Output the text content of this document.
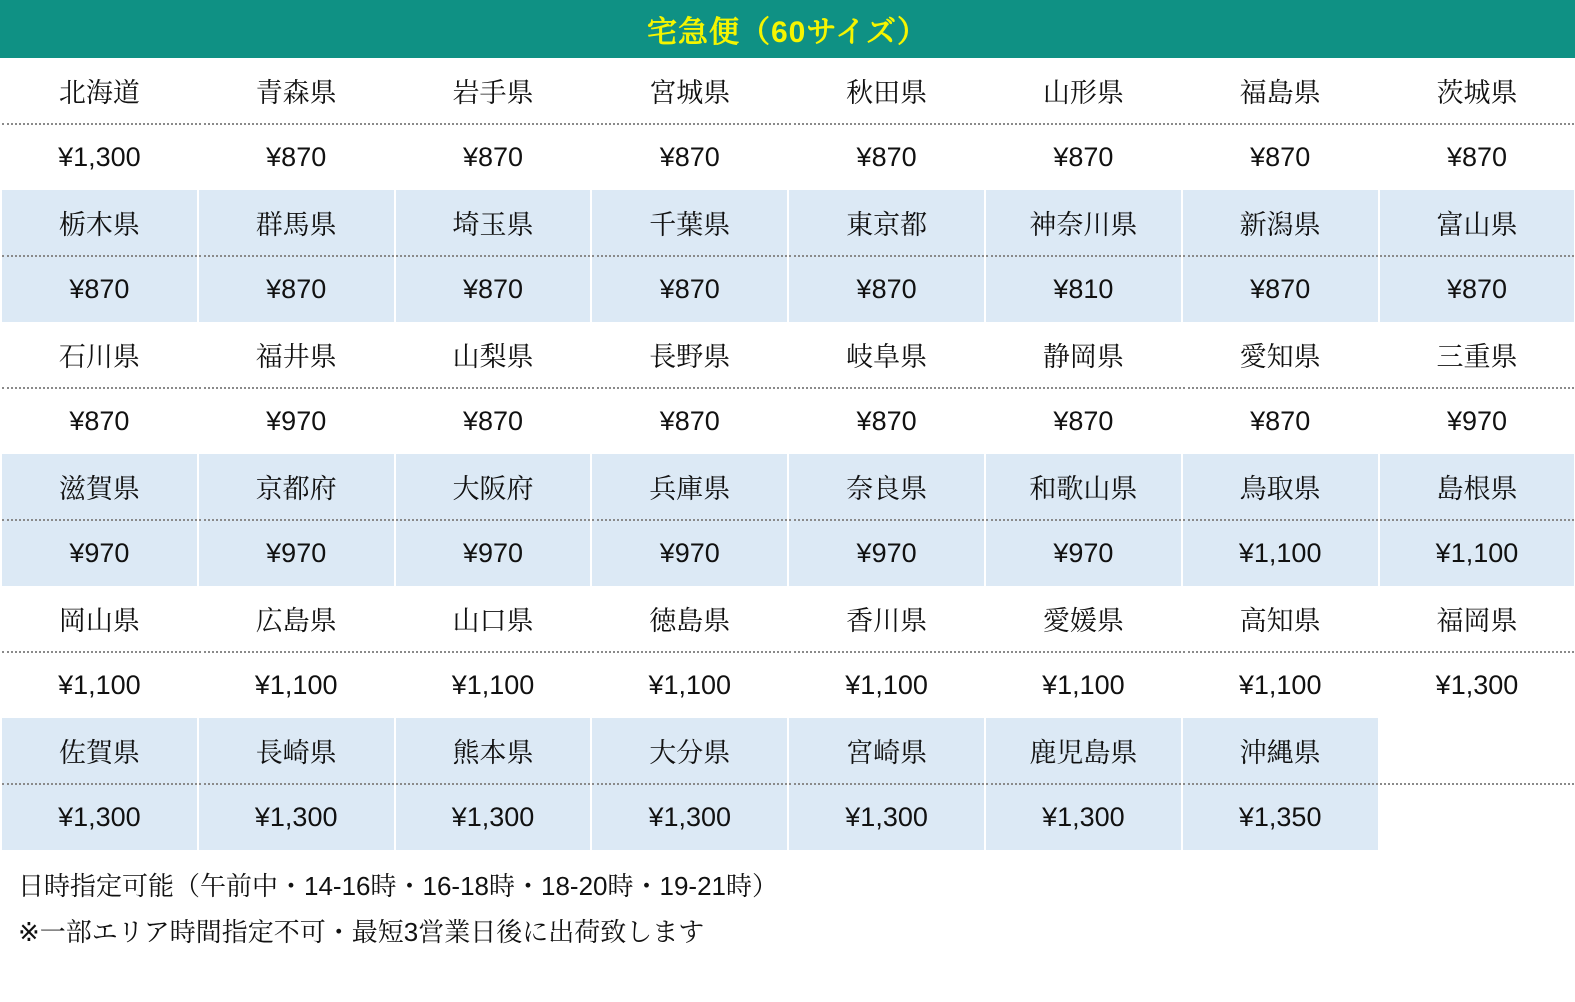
宅急便（60サイズ）
北海道	青森県	岩手県	宮城県	秋田県	山形県	福島県	茨城県
¥1,300	¥870	¥870	¥870	¥870	¥870	¥870	¥870
栃木県	群馬県	埼玉県	千葉県	東京都	神奈川県	新潟県	富山県
¥870	¥870	¥870	¥870	¥870	¥810	¥870	¥870
石川県	福井県	山梨県	長野県	岐阜県	静岡県	愛知県	三重県
¥870	¥970	¥870	¥870	¥870	¥870	¥870	¥970
滋賀県	京都府	大阪府	兵庫県	奈良県	和歌山県	鳥取県	島根県
¥970	¥970	¥970	¥970	¥970	¥970	¥1,100	¥1,100
岡山県	広島県	山口県	徳島県	香川県	愛媛県	高知県	福岡県
¥1,100	¥1,100	¥1,100	¥1,100	¥1,100	¥1,100	¥1,100	¥1,300
佐賀県	長崎県	熊本県	大分県	宮崎県	鹿児島県	沖縄県	
¥1,300	¥1,300	¥1,300	¥1,300	¥1,300	¥1,300	¥1,350	
日時指定可能（午前中・14-16時・16-18時・18-20時・19-21時）
※一部エリア時間指定不可・最短3営業日後に出荷致します
